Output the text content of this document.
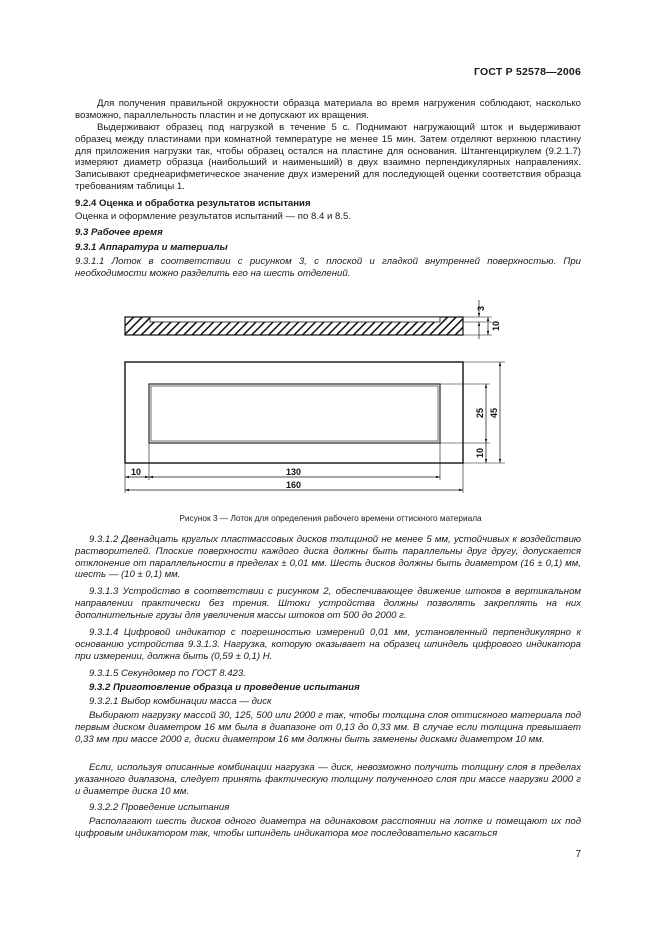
ГОСТ Р 52578—2006
Для получения правильной окружности образца материала во время нагружения соблюдают, насколько возможно, параллельность пластин и не допускают их вращения.
Выдерживают образец под нагрузкой в течение 5 с. Поднимают нагружающий шток и выдерживают образец между пластинами при комнатной температуре не менее 15 мин. Затем отделяют верхнюю пластину для приложения нагрузки так, чтобы образец остался на пластине для основания. Штангенциркулем (9.2.1.7) измеряют диаметр образца (наибольший и наименьший) в двух взаимно перпендикулярных направлениях. Записывают среднеарифметическое значение двух измерений для последующей оценки соответствия образца требованиям таблицы 1.
9.2.4 Оценка и обработка результатов испытания
Оценка и оформление результатов испытаний — по 8.4 и 8.5.
9.3 Рабочее время
9.3.1 Аппаратура и материалы
9.3.1.1 Лоток в соответствии с рисунком 3, с плоской и гладкой внутренней поверхностью. При необходимости можно разделить его на шесть отделений.
3
10
25 45
10
10	130
160
Рисунок 3 — Лоток для определения рабочего времени оттискного материала
9.3.1.2 Двенадцать круглых пластмассовых дисков толщиной не менее 5 мм, устойчивых к воздействию растворителей. Плоские поверхности каждого диска должны быть параллельны друг другу, допускается отклонение от параллельности в пределах ± 0,01 мм. Шесть дисков должны быть диаметром (16 ± 0,1) мм, шесть — (10 ± 0,1) мм.
9.3.1.3 Устройство в соответствии с рисунком 2, обеспечивающее движение штоков в вертикальном направлении практически без трения. Штоки устройства должны позволять закреплять на них дополнительные грузы для увеличения массы штоков от 500 до 2000 г.
9.3.1.4 Цифровой индикатор с погрешностью измерений 0,01 мм, установленный перпендикулярно к основанию устройства 9.3.1.3. Нагрузка, которую оказывает на образец шпиндель цифрового индикатора при измерении, должна быть (0,59 ± 0,1) Н.
9.3.1.5 Секундомер по ГОСТ 8.423.
9.3.2 Приготовление образца и проведение испытания
9.3.2.1 Выбор комбинации масса — диск
Выбирают нагрузку массой 30, 125, 500 или 2000 г так, чтобы толщина слоя оттискного материала под первым диском диаметром 16 мм была в диапазоне от 0,13 до 0,33 мм. В случае если толщина превышает 0,33 мм при массе 2000 г, диски диаметром 16 мм должны быть заменены дисками диаметром 10 мм.
Если, используя описанные комбинации нагрузка — диск, невозможно получить толщину слоя в пределах указанного диапазона, следует принять фактическую толщину полученного слоя при массе нагрузки 2000 г и диаметре диска 10 мм.
9.3.2.2 Проведение испытания
Располагают шесть дисков одного диаметра на одинаковом расстоянии на лотке и помещают их под цифровым индикатором так, чтобы шпиндель индикатора мог последовательно касаться
7
